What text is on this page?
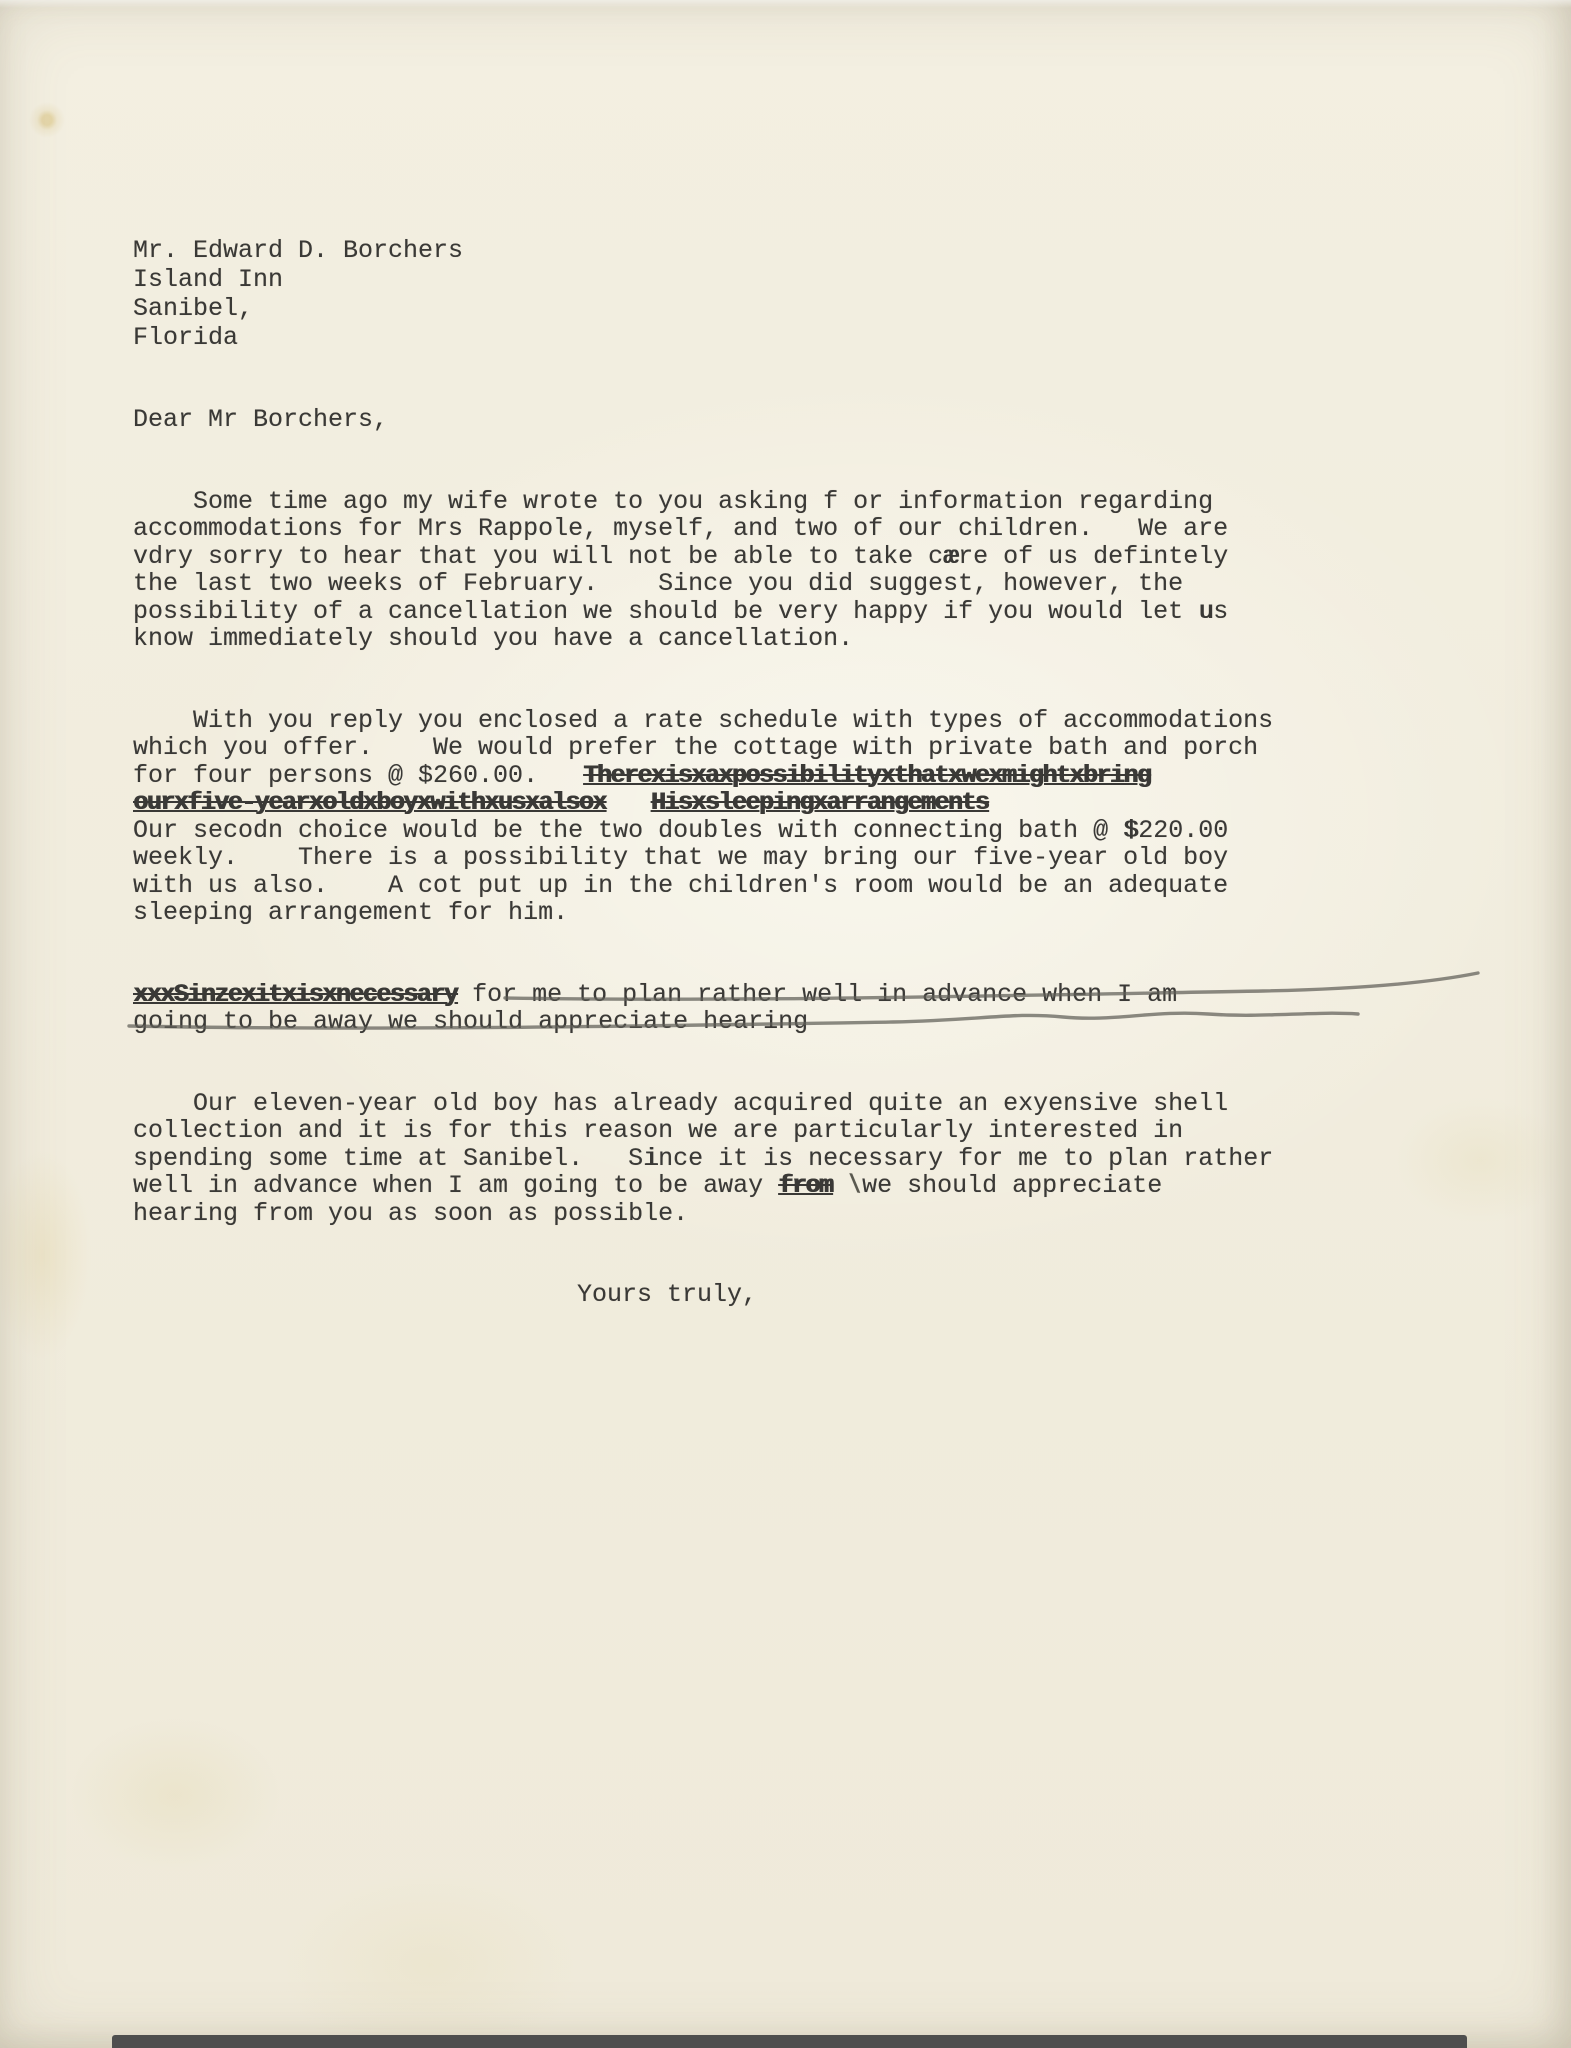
Mr. Edward D. Borchers
Island Inn
Sanibel,
Florida
Dear Mr Borchers,
Some time ago my wife wrote to you asking f or information regarding
accommodations for Mrs Rappole, myself, and two of our children.   We are
vdry sorry to hear that you will not be able to take cære of us defintely
the last two weeks of February.    Since you did suggest, however, the
possibility of a cancellation we should be very happy if you would let us
know immediately should you have a cancellation.
With you reply you enclosed a rate schedule with types of accommodations
which you offer.    We would prefer the cottage with private bath and porch
for four persons @ $260.00.   Therexisxaxpossibilityxthatxwexmightxbring
ourxfive-yearxoldxboyxwithxusxalsox Hisxsleepingxarrangements
Our secodn choice would be the two doubles with connecting bath @ $220.00
weekly.    There is a possibility that we may bring our five-year old boy
with us also.    A cot put up in the children's room would be an adequate
sleeping arrangement for him.
xxxSinzexitxisxnecessary for me to plan rather well in advance when I am
going to be away we should appreciate hearing
Our eleven-year old boy has already acquired quite an exyensive shell
collection and it is for this reason we are particularly interested in
spending some time at Sanibel.   Since it is necessary for me to plan rather
well in advance when I am going to be away from \we should appreciate
hearing from you as soon as possible.
Yours truly,
